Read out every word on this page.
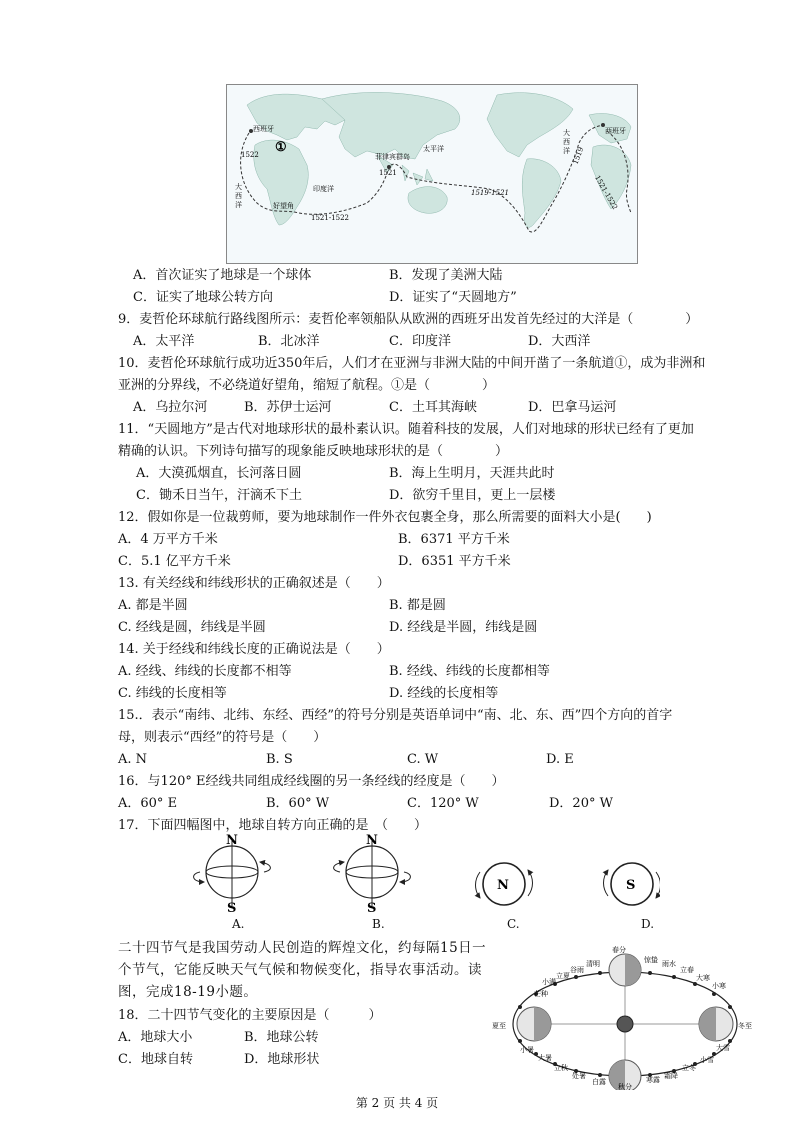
西班牙
①
1522
大西洋	好望角
印度洋
菲律宾群岛
1521
太平洋
1519-1521
1521-1522
大西洋 1519
西班牙
1521-1522
A．首次证实了地球是一个球体	B．发现了美洲大陆
C．证实了地球公转方向	D．证实了“天圆地方”
9．麦哲伦环球航行路线图所示：麦哲伦率领船队从欧洲的西班牙出发首先经过的大洋是（　　　　）
A．太平洋	B．北冰洋	C．印度洋	D．大西洋
10．麦哲伦环球航行成功近350年后，人们才在亚洲与非洲大陆的中间开凿了一条航道①，成为非洲和
亚洲的分界线，不必绕道好望角，缩短了航程。①是（　　　　）
A．乌拉尔河	B．苏伊士运河	C．土耳其海峡	D．巴拿马运河
11．“天圆地方”是古代对地球形状的最朴素认识。随着科技的发展，人们对地球的形状已经有了更加
精确的认识。下列诗句描写的现象能反映地球形状的是（　　　　）
A．大漠孤烟直，长河落日圆	B．海上生明月，天涯共此时
C．锄禾日当午，汗滴禾下土	D．欲穷千里目，更上一层楼
12．假如你是一位裁剪师，要为地球制作一件外衣包裹全身，那么所需要的面料大小是(　　)
A．4 万平方千米	B．6371 平方千米
C．5.1 亿平方千米	D．6351 平方千米
13. 有关经线和纬线形状的正确叙述是（　　）
A. 都是半圆	B. 都是圆
C. 经线是圆，纬线是半圆	D. 经线是半圆，纬线是圆
14. 关于经线和纬线长度的正确说法是（　　）
A. 经线、纬线的长度都不相等	B. 经线、纬线的长度都相等
C. 纬线的长度相等	D. 经线的长度相等
15.．表示“南纬、北纬、东经、西经”的符号分别是英语单词中“南、北、东、西”四个方向的首字
母，则表示“西经”的符号是（　　）
A. N	B. S	C. W	D. E
16．与120° E经线共同组成经线圈的另一条经线的经度是（　　）
A．60° E	B．60° W	C．120° W	D．20° W
17．下面四幅图中，地球自转方向正确的是　（　　）
N
S
N
S
N	S
A.	B.	C.	D.
二十四节气是我国劳动人民创造的辉煌文化，约每隔15日一
个节气，它能反映天气气候和物候变化，指导农事活动。读
图，完成18-19小题。
18．二十四节气变化的主要原因是（　　　）
A．地球大小	B．地球公转
C．地球自转	D．地球形状
春分
清明
谷雨
立夏
小满
芒种
夏至
小暑
大暑
立秋
处暑
白露
秋分
寒露 霜降
立冬
小雪
大雪
冬至
小寒
大寒
立春
雨水
惊蛰
第 2 页 共 4 页
